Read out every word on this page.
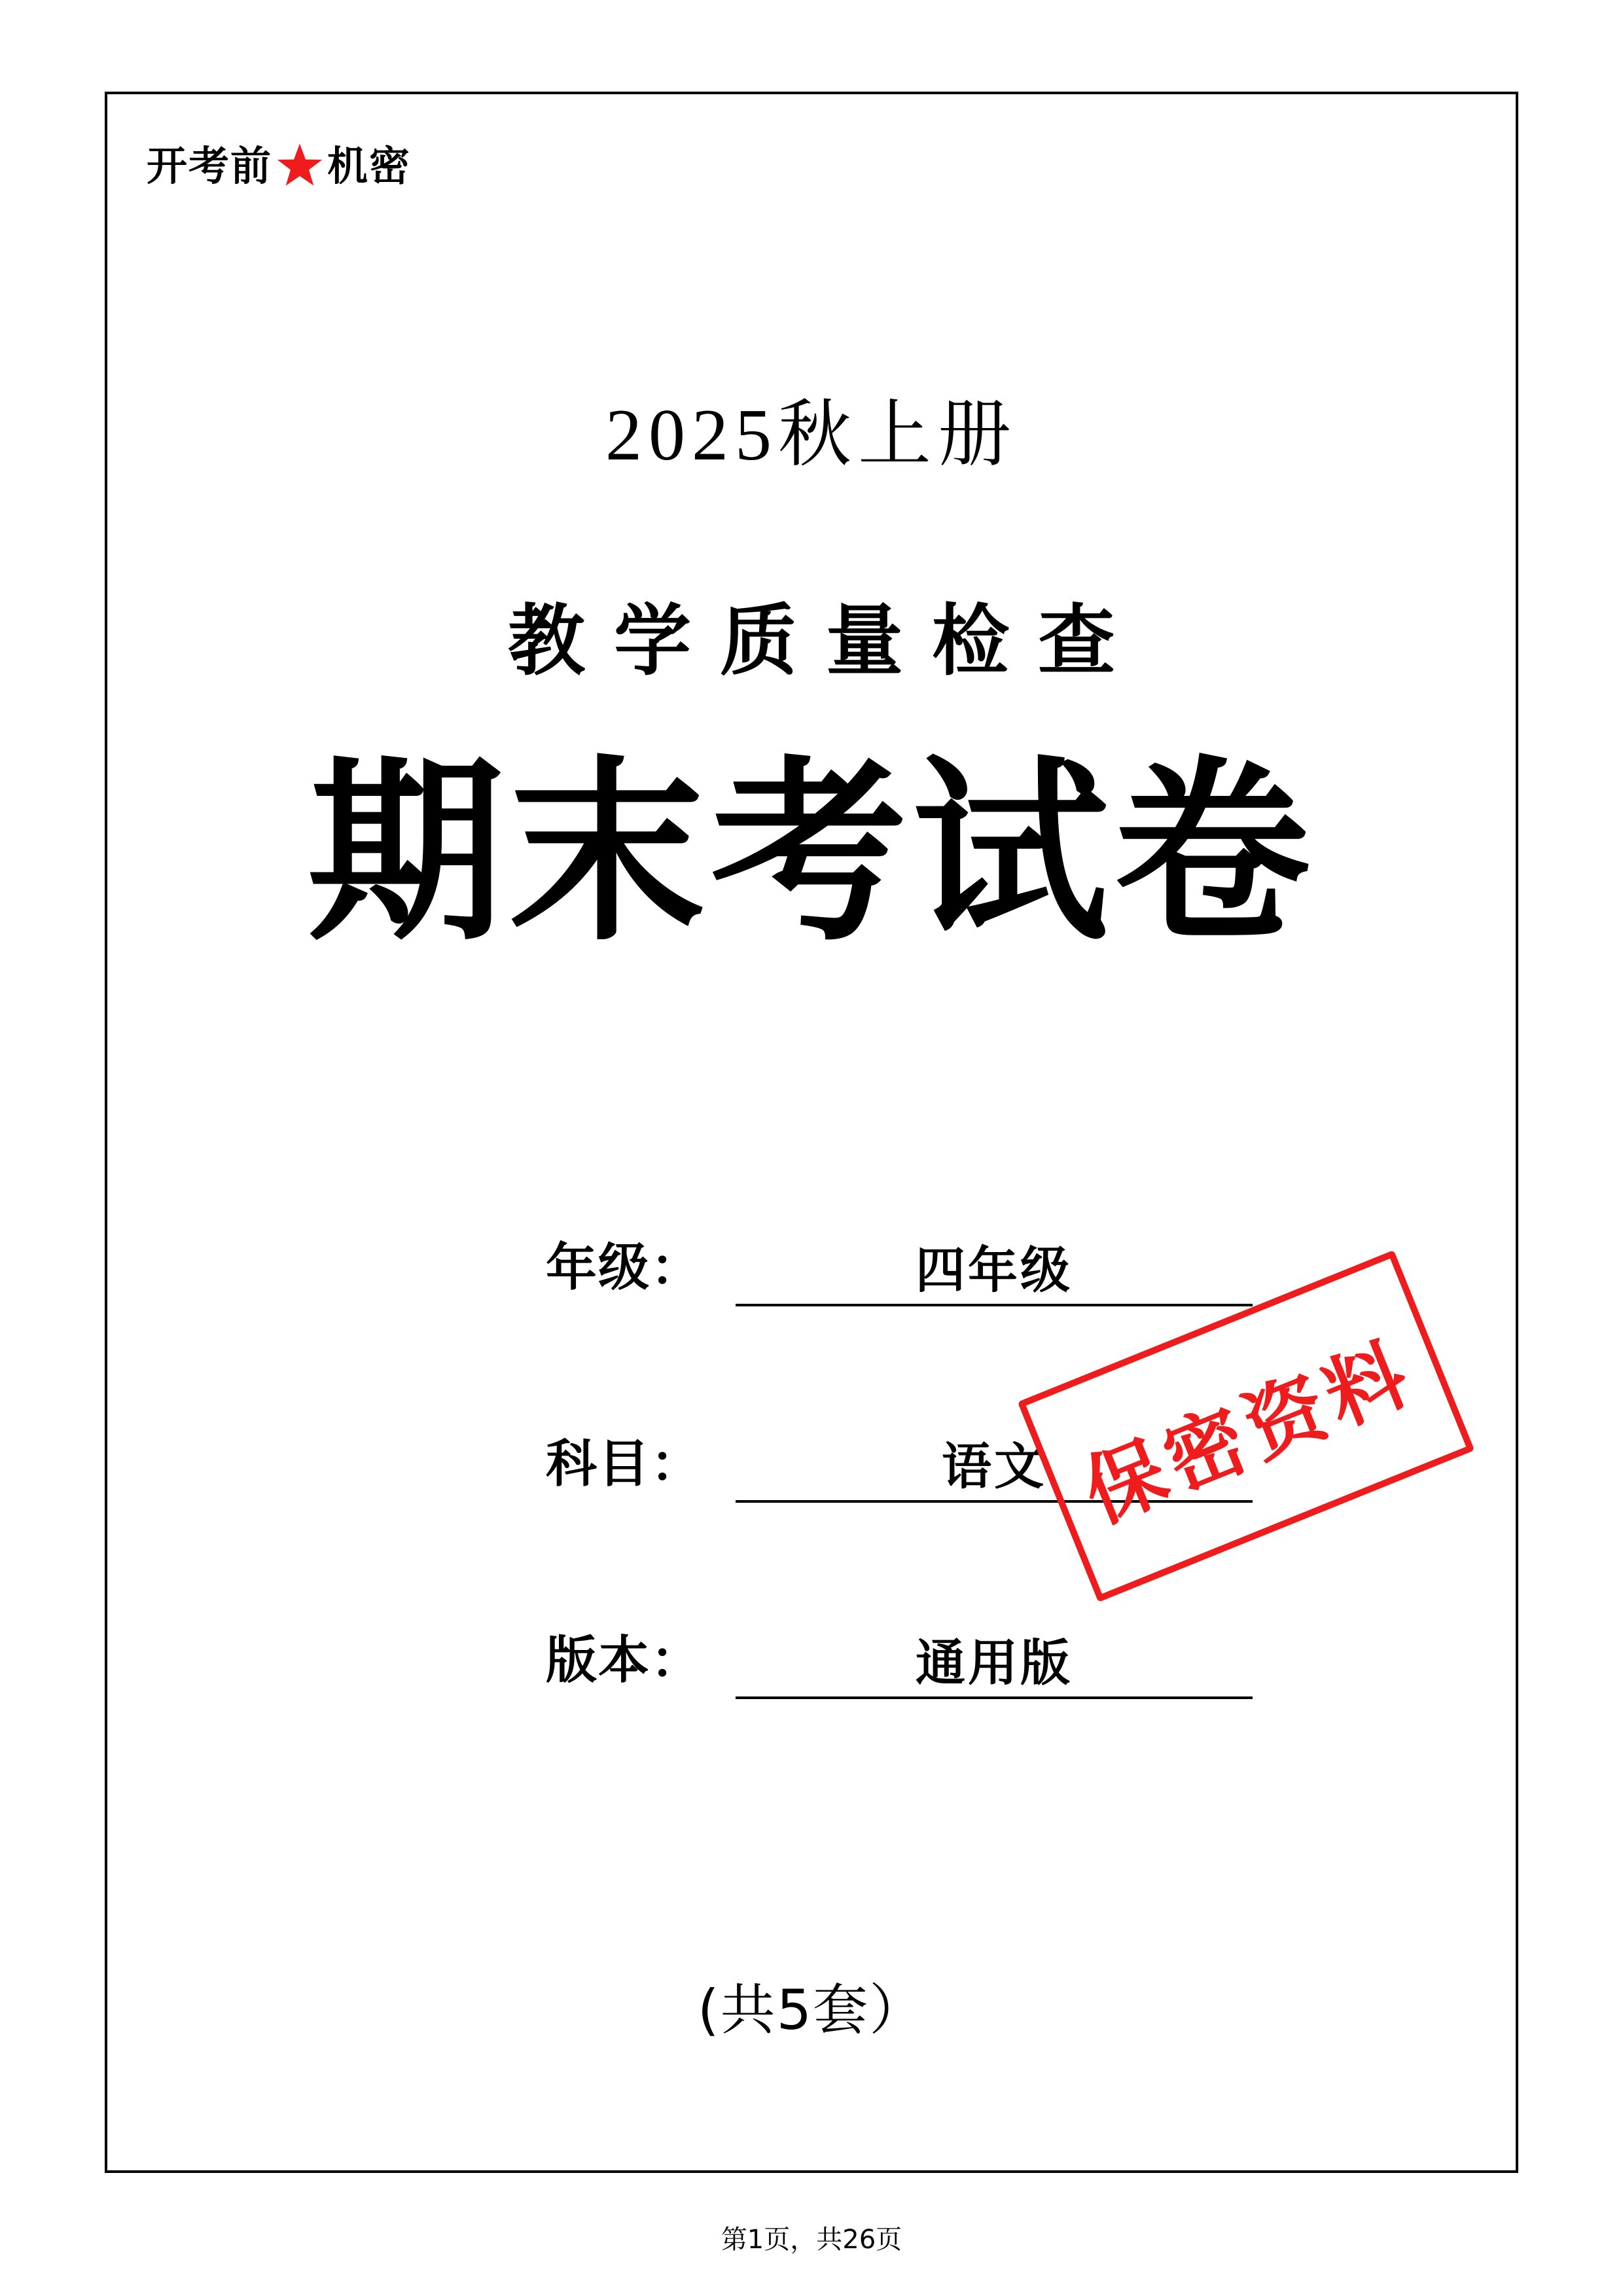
开考前 机密
2025秋上册
教学质量检查
期末考试卷
年级：	四年级
科目：	语文
版本：	通用版
保密资料
(共5套）
第1页，共26页
